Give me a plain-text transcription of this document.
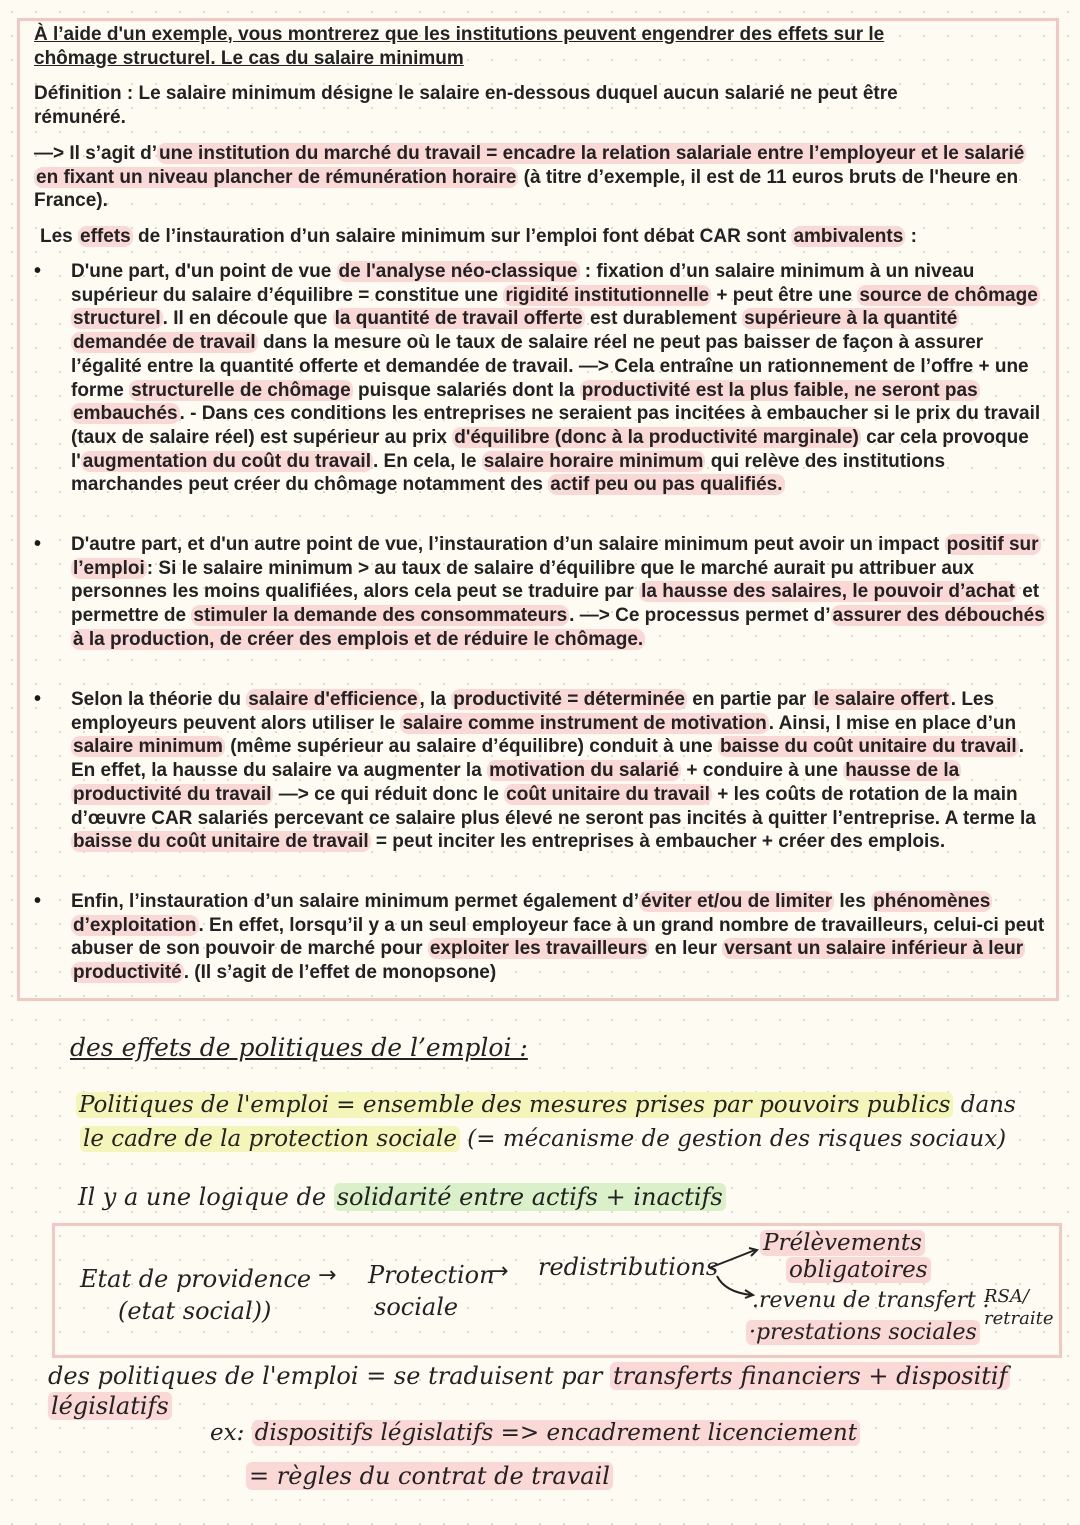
À l’aide d'un exemple, vous montrerez que les institutions peuvent engendrer des effets sur le
chômage structurel. Le cas du salaire minimum
Définition : Le salaire minimum désigne le salaire en-dessous duquel aucun salarié ne peut être
rémunéré.
—> Il s’agit d’ une institution du marché du travail = encadre la relation salariale entre l’employeur et le salarié en fixant un niveau plancher de rémunération horaire (à titre d’exemple, il est de 11 euros bruts de l'heure en France).
Les effets de l’instauration d’un salaire minimum sur l’emploi font débat CAR sont ambivalents :
• D'une part, d'un point de vue de l'analyse néo-classique : fixation d’un salaire minimum à un niveau supérieur du salaire d’équilibre = constitue une rigidité institutionnelle + peut être une source de chômage structurel . Il en découle que la quantité de travail offerte est durablement supérieure à la quantité demandée de travail dans la mesure où le taux de salaire réel ne peut pas baisser de façon à assurer l’égalité entre la quantité offerte et demandée de travail. —> Cela entraîne un rationnement de l’offre + une forme structurelle de chômage puisque salariés dont la productivité est la plus faible, ne seront pas embauchés . - Dans ces conditions les entreprises ne seraient pas incitées à embaucher si le prix du travail (taux de salaire réel) est supérieur au prix d'équilibre (donc à la productivité marginale) car cela provoque l' augmentation du coût du travail . En cela, le salaire horaire minimum qui relève des institutions marchandes peut créer du chômage notamment des actif peu ou pas qualifiés.
• D'autre part, et d'un autre point de vue, l’instauration d’un salaire minimum peut avoir un impact positif sur l’emploi : Si le salaire minimum > au taux de salaire d’équilibre que le marché aurait pu attribuer aux personnes les moins qualifiées, alors cela peut se traduire par la hausse des salaires, le pouvoir d’achat et permettre de stimuler la demande des consommateurs . —> Ce processus permet d’ assurer des débouchés à la production, de créer des emplois et de réduire le chômage.
• Selon la théorie du salaire d'efficience , la productivité = déterminée en partie par le salaire offert . Les employeurs peuvent alors utiliser le salaire comme instrument de motivation . Ainsi, l mise en place d’un salaire minimum (même supérieur au salaire d’équilibre) conduit à une baisse du coût unitaire du travail . En effet, la hausse du salaire va augmenter la motivation du salarié + conduire à une hausse de la productivité du travail —> ce qui réduit donc le coût unitaire du travail + les coûts de rotation de la main d’œuvre CAR salariés percevant ce salaire plus élevé ne seront pas incités à quitter l’entreprise. A terme la baisse du coût unitaire de travail = peut inciter les entreprises à embaucher + créer des emplois.
• Enfin, l’instauration d’un salaire minimum permet également d’ éviter et/ou de limiter les phénomènes d’exploitation . En effet, lorsqu’il y a un seul employeur face à un grand nombre de travailleurs, celui-ci peut abuser de son pouvoir de marché pour exploiter les travailleurs en leur versant un salaire inférieur à leur productivité . (Il s’agit de l’effet de monopsone)
des effets de politiques de l’emploi :
Politiques de l'emploi = ensemble des mesures prises par pouvoirs publics dans
le cadre de la protection sociale (= mécanisme de gestion des risques sociaux)
Il y a une logique de solidarité entre actifs + inactifs
Etat de providence
(etat social))
→ Protection
sociale
→ redistributions
Prélèvements
obligatoires
.revenu de transfert :
RSA/
retraite
·prestations sociales
des politiques de l'emploi = se traduisent par transferts financiers + dispositif
législatifs
ex: dispositifs législatifs => encadrement licenciement
= règles du contrat de travail
